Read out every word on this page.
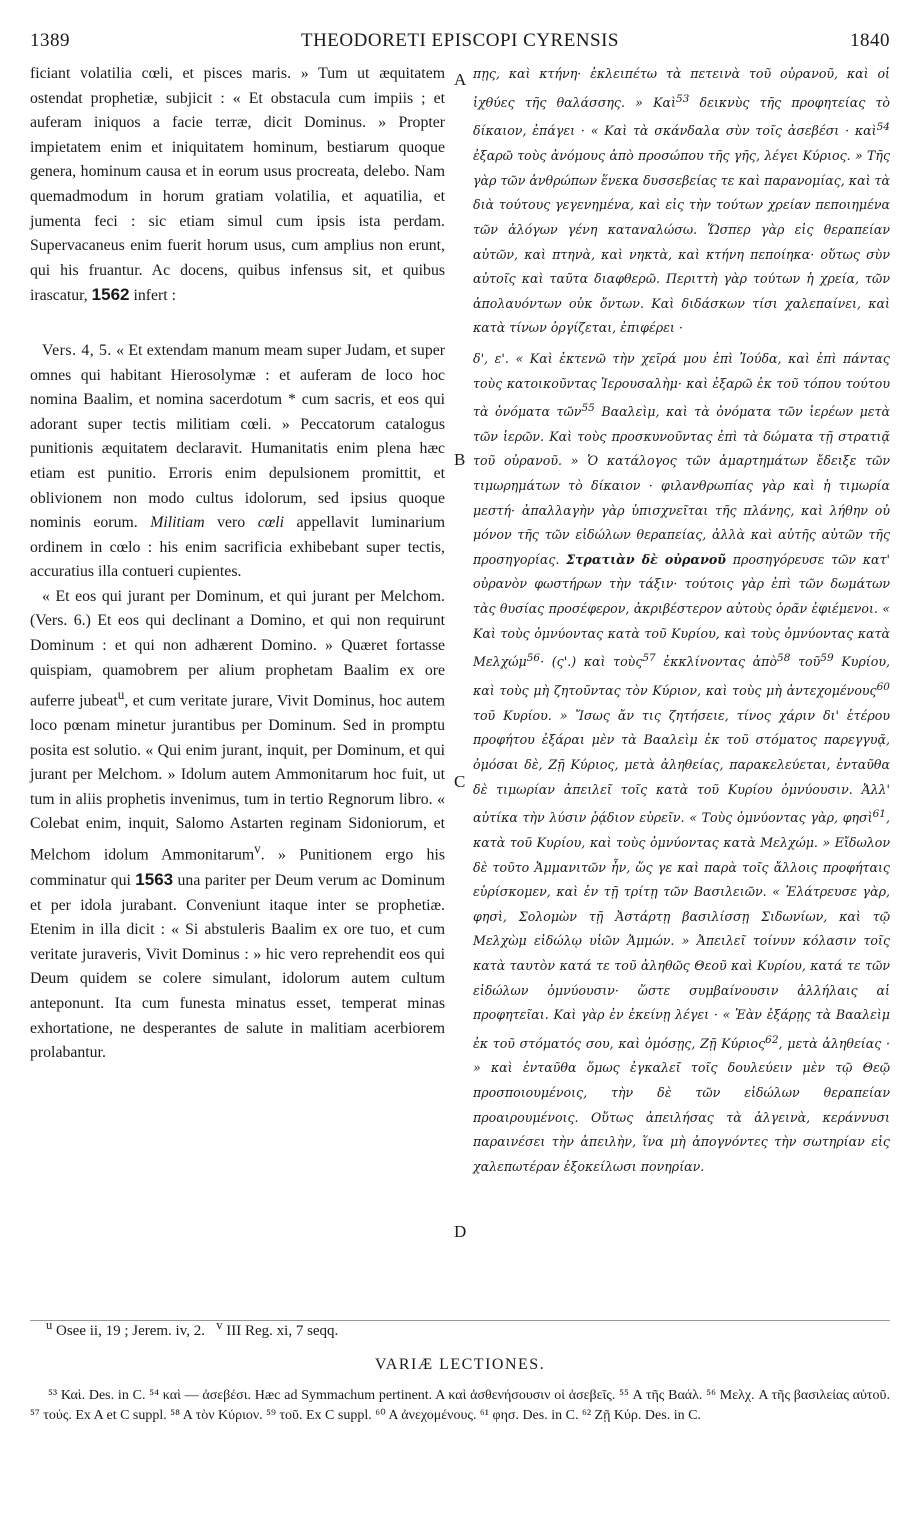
1389	THEODORETI EPISCOPI CYRENSIS	1840

ficiant volatilia cœli, et pisces maris. » Tum ut æquitatem ostendat prophetiæ, subjicit : « Et obstacula cum impiis ; et auferam iniquos a facie terræ, dicit Dominus. » Propter impietatem enim et iniquitatem hominum, bestiarum quoque genera, hominum causa et in eorum usus procreata, delebo. Nam quemadmodum in horum gratiam volatilia, et aquatilia, et jumenta feci : sic etiam simul cum ipsis ista perdam. Supervacaneus enim fuerit horum usus, cum amplius non erunt, qui his fruantur. Ac docens, quibus infensus sit, et quibus irascatur, 1562 infert :

Vers. 4, 5. « Et extendam manum meam super Judam, et super omnes qui habitant Hierosolymæ : et auferam de loco hoc nomina Baalim, et nomina sacerdotum * cum sacris, et eos qui adorant super tectis militiam cœli. » Peccatorum catalogus punitionis æquitatem declaravit. Humanitatis enim plena hæc etiam est punitio. Erroris enim depulsionem promittit, et oblivionem non modo cultus idolorum, sed ipsius quoque nominis eorum. Militiam vero cœli appellavit luminarium ordinem in cœlo : his enim sacrificia exhibebant super tectis, accuratius illa contueri cupientes.

« Et eos qui jurant per Dominum, et qui jurant per Melchom. (Vers. 6.) Et eos qui declinant a Domino, et qui non requirunt Dominum : et qui non adhærent Domino. » Quæret fortasse quispiam, quamobrem per alium prophetam Baalim ex ore auferre jubeat$^u$, et cum veritate jurare, Vivit Dominus, hoc autem loco pœnam minetur jurantibus per Dominum. Sed in promptu posita est solutio. « Qui enim jurant, inquit, per Dominum, et qui jurant per Melchom. » Idolum autem Ammonitarum hoc fuit, ut tum in aliis prophetis invenimus, tum in tertio Regnorum libro. « Colebat enim, inquit, Salomo Astarten reginam Sidoniorum, et Melchom idolum Ammonitarum$^v$. » Punitionem ergo his comminatur qui 1563 una pariter per Deum verum ac Dominum et per idola jurabant. Conveniunt itaque inter se prophetiæ. Etenim in illa dicit : « Si abstuleris Baalim ex ore tuo, et cum veritate juraveris, Vivit Dominus : » hic vero reprehendit eos qui Deum quidem se colere simulant, idolorum autem cultum anteponunt. Ita cum funesta minatus esset, temperat minas exhortatione, ne desperantes de salute in malitiam acerbiorem prolabantur.

A
B
C
D

πῃς, καὶ κτήνη· ἐκλειπέτω τὰ πετεινὰ τοῦ οὐρανοῦ, καὶ οἱ ἰχθύες τῆς θαλάσσης. » Καὶ$^{53}$ δεικνὺς τῆς προφητείας τὸ δίκαιον, ἐπάγει · « Καὶ τὰ σκάνδαλα σὺν τοῖς ἀσεβέσι · καὶ$^{54}$ ἐξαρῶ τοὺς ἀνόμους ἀπὸ προσώπου τῆς γῆς, λέγει Κύριος. » Τῆς γὰρ τῶν ἀνθρώπων ἕνεκα δυσσεβείας τε καὶ παρανομίας, καὶ τὰ διὰ τούτους γεγενημένα, καὶ εἰς τὴν τούτων χρείαν πεποιημένα τῶν ἀλόγων γένη καταναλώσω. Ὥσπερ γὰρ εἰς θεραπείαν αὐτῶν, καὶ πτηνὰ, καὶ νηκτὰ, καὶ κτήνη πεποίηκα· οὕτως σὺν αὐτοῖς καὶ ταῦτα διαφθερῶ. Περιττὴ γὰρ τούτων ἡ χρεία, τῶν ἀπολαυόντων οὐκ ὄντων. Καὶ διδάσκων τίσι χαλεπαίνει, καὶ κατὰ τίνων ὀργίζεται, ἐπιφέρει ·

δ', ε'. « Καὶ ἐκτενῶ τὴν χεῖρά μου ἐπὶ Ἰούδα, καὶ ἐπὶ πάντας τοὺς κατοικοῦντας Ἱερουσαλὴμ· καὶ ἐξαρῶ ἐκ τοῦ τόπου τούτου τὰ ὀνόματα τῶν$^{55}$ Βααλεὶμ, καὶ τὰ ὀνόματα τῶν ἱερέων μετὰ τῶν ἱερῶν. Καὶ τοὺς προσκυνοῦντας ἐπὶ τὰ δώματα τῇ στρατιᾷ τοῦ οὐρανοῦ. » Ὁ κατάλογος τῶν ἁμαρτημάτων ἔδειξε τῶν τιμωρημάτων τὸ δίκαιον · φιλανθρωπίας γὰρ καὶ ἡ τιμωρία μεστή· ἀπαλλαγὴν γὰρ ὑπισχνεῖται τῆς πλάνης, καὶ λήθην οὐ μόνον τῆς τῶν εἰδώλων θεραπείας, ἀλλὰ καὶ αὐτῆς αὐτῶν τῆς προσηγορίας. Στρατιὰν δὲ οὐρανοῦ προσηγόρευσε τῶν κατ' οὐρανὸν φωστήρων τὴν τάξιν· τούτοις γὰρ ἐπὶ τῶν δωμάτων τὰς θυσίας προσέφερον, ἀκριβέστερον αὐτοὺς ὁρᾶν ἐφιέμενοι. « Καὶ τοὺς ὀμνύοντας κατὰ τοῦ Κυρίου, καὶ τοὺς ὀμνύοντας κατὰ Μελχώμ$^{56}$· (ς'.) καὶ τοὺς$^{57}$ ἐκκλίνοντας ἀπὸ$^{58}$ τοῦ$^{59}$ Κυρίου, καὶ τοὺς μὴ ζητοῦντας τὸν Κύριον, καὶ τοὺς μὴ ἀντεχομένους$^{60}$ τοῦ Κυρίου. » Ἴσως ἄν τις ζητήσειε, τίνος χάριν δι' ἑτέρου προφήτου ἐξάραι μὲν τὰ Βααλεὶμ ἐκ τοῦ στόματος παρεγγυᾷ, ὀμόσαι δὲ, Ζῇ Κύριος, μετὰ ἀληθείας, παρακελεύεται, ἐνταῦθα δὲ τιμωρίαν ἀπειλεῖ τοῖς κατὰ τοῦ Κυρίου ὀμνύουσιν. Ἀλλ' αὐτίκα τὴν λύσιν ῥᾴδιον εὑρεῖν. « Τοὺς ὀμνύοντας γὰρ, φησὶ$^{61}$, κατὰ τοῦ Κυρίου, καὶ τοὺς ὀμνύοντας κατὰ Μελχώμ. » Εἴδωλον δὲ τοῦτο Ἀμμανιτῶν ἦν, ὥς γε καὶ παρὰ τοῖς ἄλλοις προφήταις εὑρίσκομεν, καὶ ἐν τῇ τρίτῃ τῶν Βασιλειῶν. « Ἐλάτρευσε γὰρ, φησὶ, Σολομὼν τῇ Ἀστάρτῃ βασιλίσσῃ Σιδωνίων, καὶ τῷ Μελχὼμ εἰδώλῳ υἱῶν Ἀμμών. » Ἀπειλεῖ τοίνυν κόλασιν τοῖς κατὰ ταυτὸν κατά τε τοῦ ἀληθῶς Θεοῦ καὶ Κυρίου, κατά τε τῶν εἰδώλων ὀμνύουσιν· ὥστε συμβαίνουσιν ἀλλήλαις αἱ προφητεῖαι. Καὶ γὰρ ἐν ἐκείνῃ λέγει · « Ἐὰν ἐξάρῃς τὰ Βααλεὶμ ἐκ τοῦ στόματός σου, καὶ ὀμόσῃς, Ζῇ Κύριος$^{62}$, μετὰ ἀληθείας · » καὶ ἐνταῦθα ὅμως ἐγκαλεῖ τοῖς δουλεύειν μὲν τῷ Θεῷ προσποιουμένοις, τὴν δὲ τῶν εἰδώλων θεραπείαν προαιρουμένοις. Οὕτως ἀπειλήσας τὰ ἀλγεινὰ, κεράννυσι παραινέσει τὴν ἀπειλὴν, ἵνα μὴ ἀπογνόντες τὴν σωτηρίαν εἰς χαλεπωτέραν ἐξοκείλωσι πονηρίαν.

$^u$ Osee ii, 19 ; Jerem. iv, 2. $^v$ III Reg. xi, 7 seqq.
VARIÆ LECTIONES.

⁵³ Καὶ. Des. in C. ⁵⁴ καὶ — ἀσεβέσι. Hæc ad Symmachum pertinent. A καὶ ἀσθενήσουσιν οἱ ἀσεβεῖς. ⁵⁵ A τῆς Βαάλ. ⁵⁶ Μελχ. A τῆς βασιλείας αὐτοῦ. ⁵⁷ τούς. Ex A et C suppl. ⁵⁸ A τὸν Κύριον. ⁵⁹ τοῦ. Ex C suppl. ⁶⁰ A ἀνεχομένους. ⁶¹ φησ. Des. in C. ⁶² Ζῇ Κύρ. Des. in C.
